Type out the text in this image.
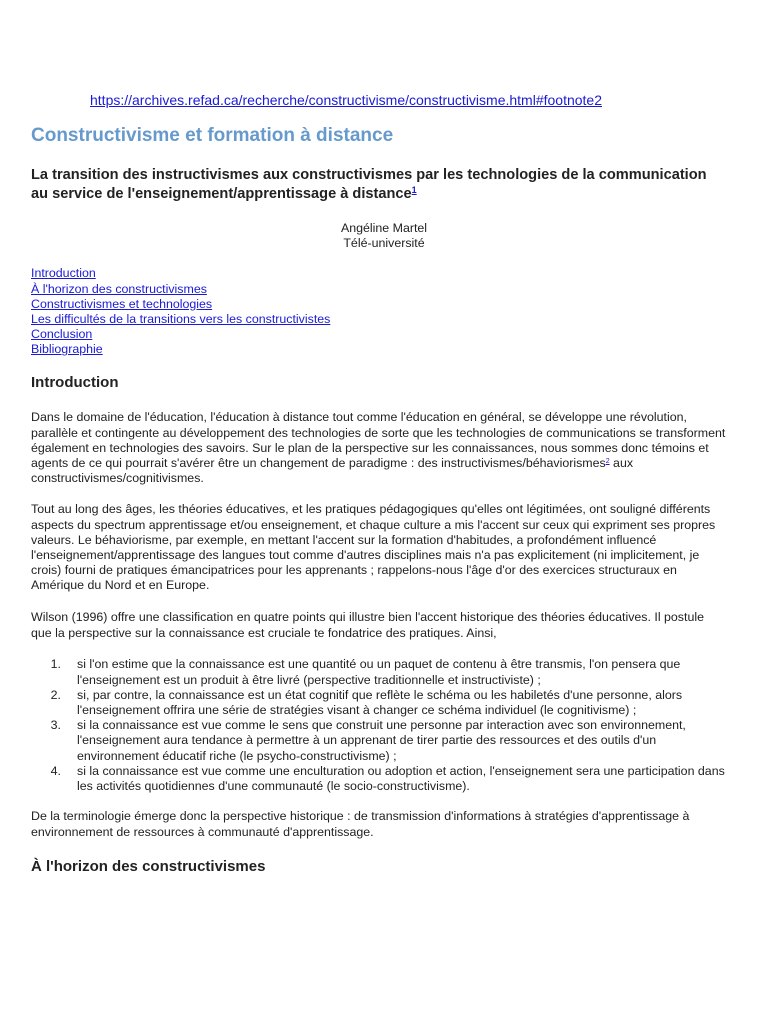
https://archives.refad.ca/recherche/constructivisme/constructivisme.html#footnote2
Constructivisme et formation à distance
La transition des instructivismes aux constructivismes par les technologies de la communication
au service de l'enseignement/apprentissage à distance$^1$
Angéline Martel
Télé-université
Introduction
À l'horizon des constructivismes
Constructivismes et technologies
Les difficultés de la transitions vers les constructivistes
Conclusion
Bibliographie
Introduction
Dans le domaine de l'éducation, l'éducation à distance tout comme l'éducation en général, se développe une révolution,
parallèle et contingente au développement des technologies de sorte que les technologies de communications se transforment
également en technologies des savoirs. Sur le plan de la perspective sur les connaissances, nous sommes donc témoins et
agents de ce qui pourrait s'avérer être un changement de paradigme : des instructivismes/béhaviorismes$^2$ aux
constructivismes/cognitivismes.
Tout au long des âges, les théories éducatives, et les pratiques pédagogiques qu'elles ont légitimées, ont souligné différents
aspects du spectrum apprentissage et/ou enseignement, et chaque culture a mis l'accent sur ceux qui expriment ses propres
valeurs. Le béhaviorisme, par exemple, en mettant l'accent sur la formation d'habitudes, a profondément influencé
l'enseignement/apprentissage des langues tout comme d'autres disciplines mais n'a pas explicitement (ni implicitement, je
crois) fourni de pratiques émancipatrices pour les apprenants ; rappelons-nous l'âge d'or des exercices structuraux en
Amérique du Nord et en Europe.
Wilson (1996) offre une classification en quatre points qui illustre bien l'accent historique des théories éducatives. Il postule
que la perspective sur la connaissance est cruciale te fondatrice des pratiques. Ainsi,
1. si l'on estime que la connaissance est une quantité ou un paquet de contenu à être transmis, l'on pensera que
l'enseignement est un produit à être livré (perspective traditionnelle et instructiviste) ;
2. si, par contre, la connaissance est un état cognitif que reflète le schéma ou les habiletés d'une personne, alors
l'enseignement offrira une série de stratégies visant à changer ce schéma individuel (le cognitivisme) ;
3. si la connaissance est vue comme le sens que construit une personne par interaction avec son environnement,
l'enseignement aura tendance à permettre à un apprenant de tirer partie des ressources et des outils d'un
environnement éducatif riche (le psycho-constructivisme) ;
4. si la connaissance est vue comme une enculturation ou adoption et action, l'enseignement sera une participation dans
les activités quotidiennes d'une communauté (le socio-constructivisme).
De la terminologie émerge donc la perspective historique : de transmission d'informations à stratégies d'apprentissage à
environnement de ressources à communauté d'apprentissage.
À l'horizon des constructivismes
